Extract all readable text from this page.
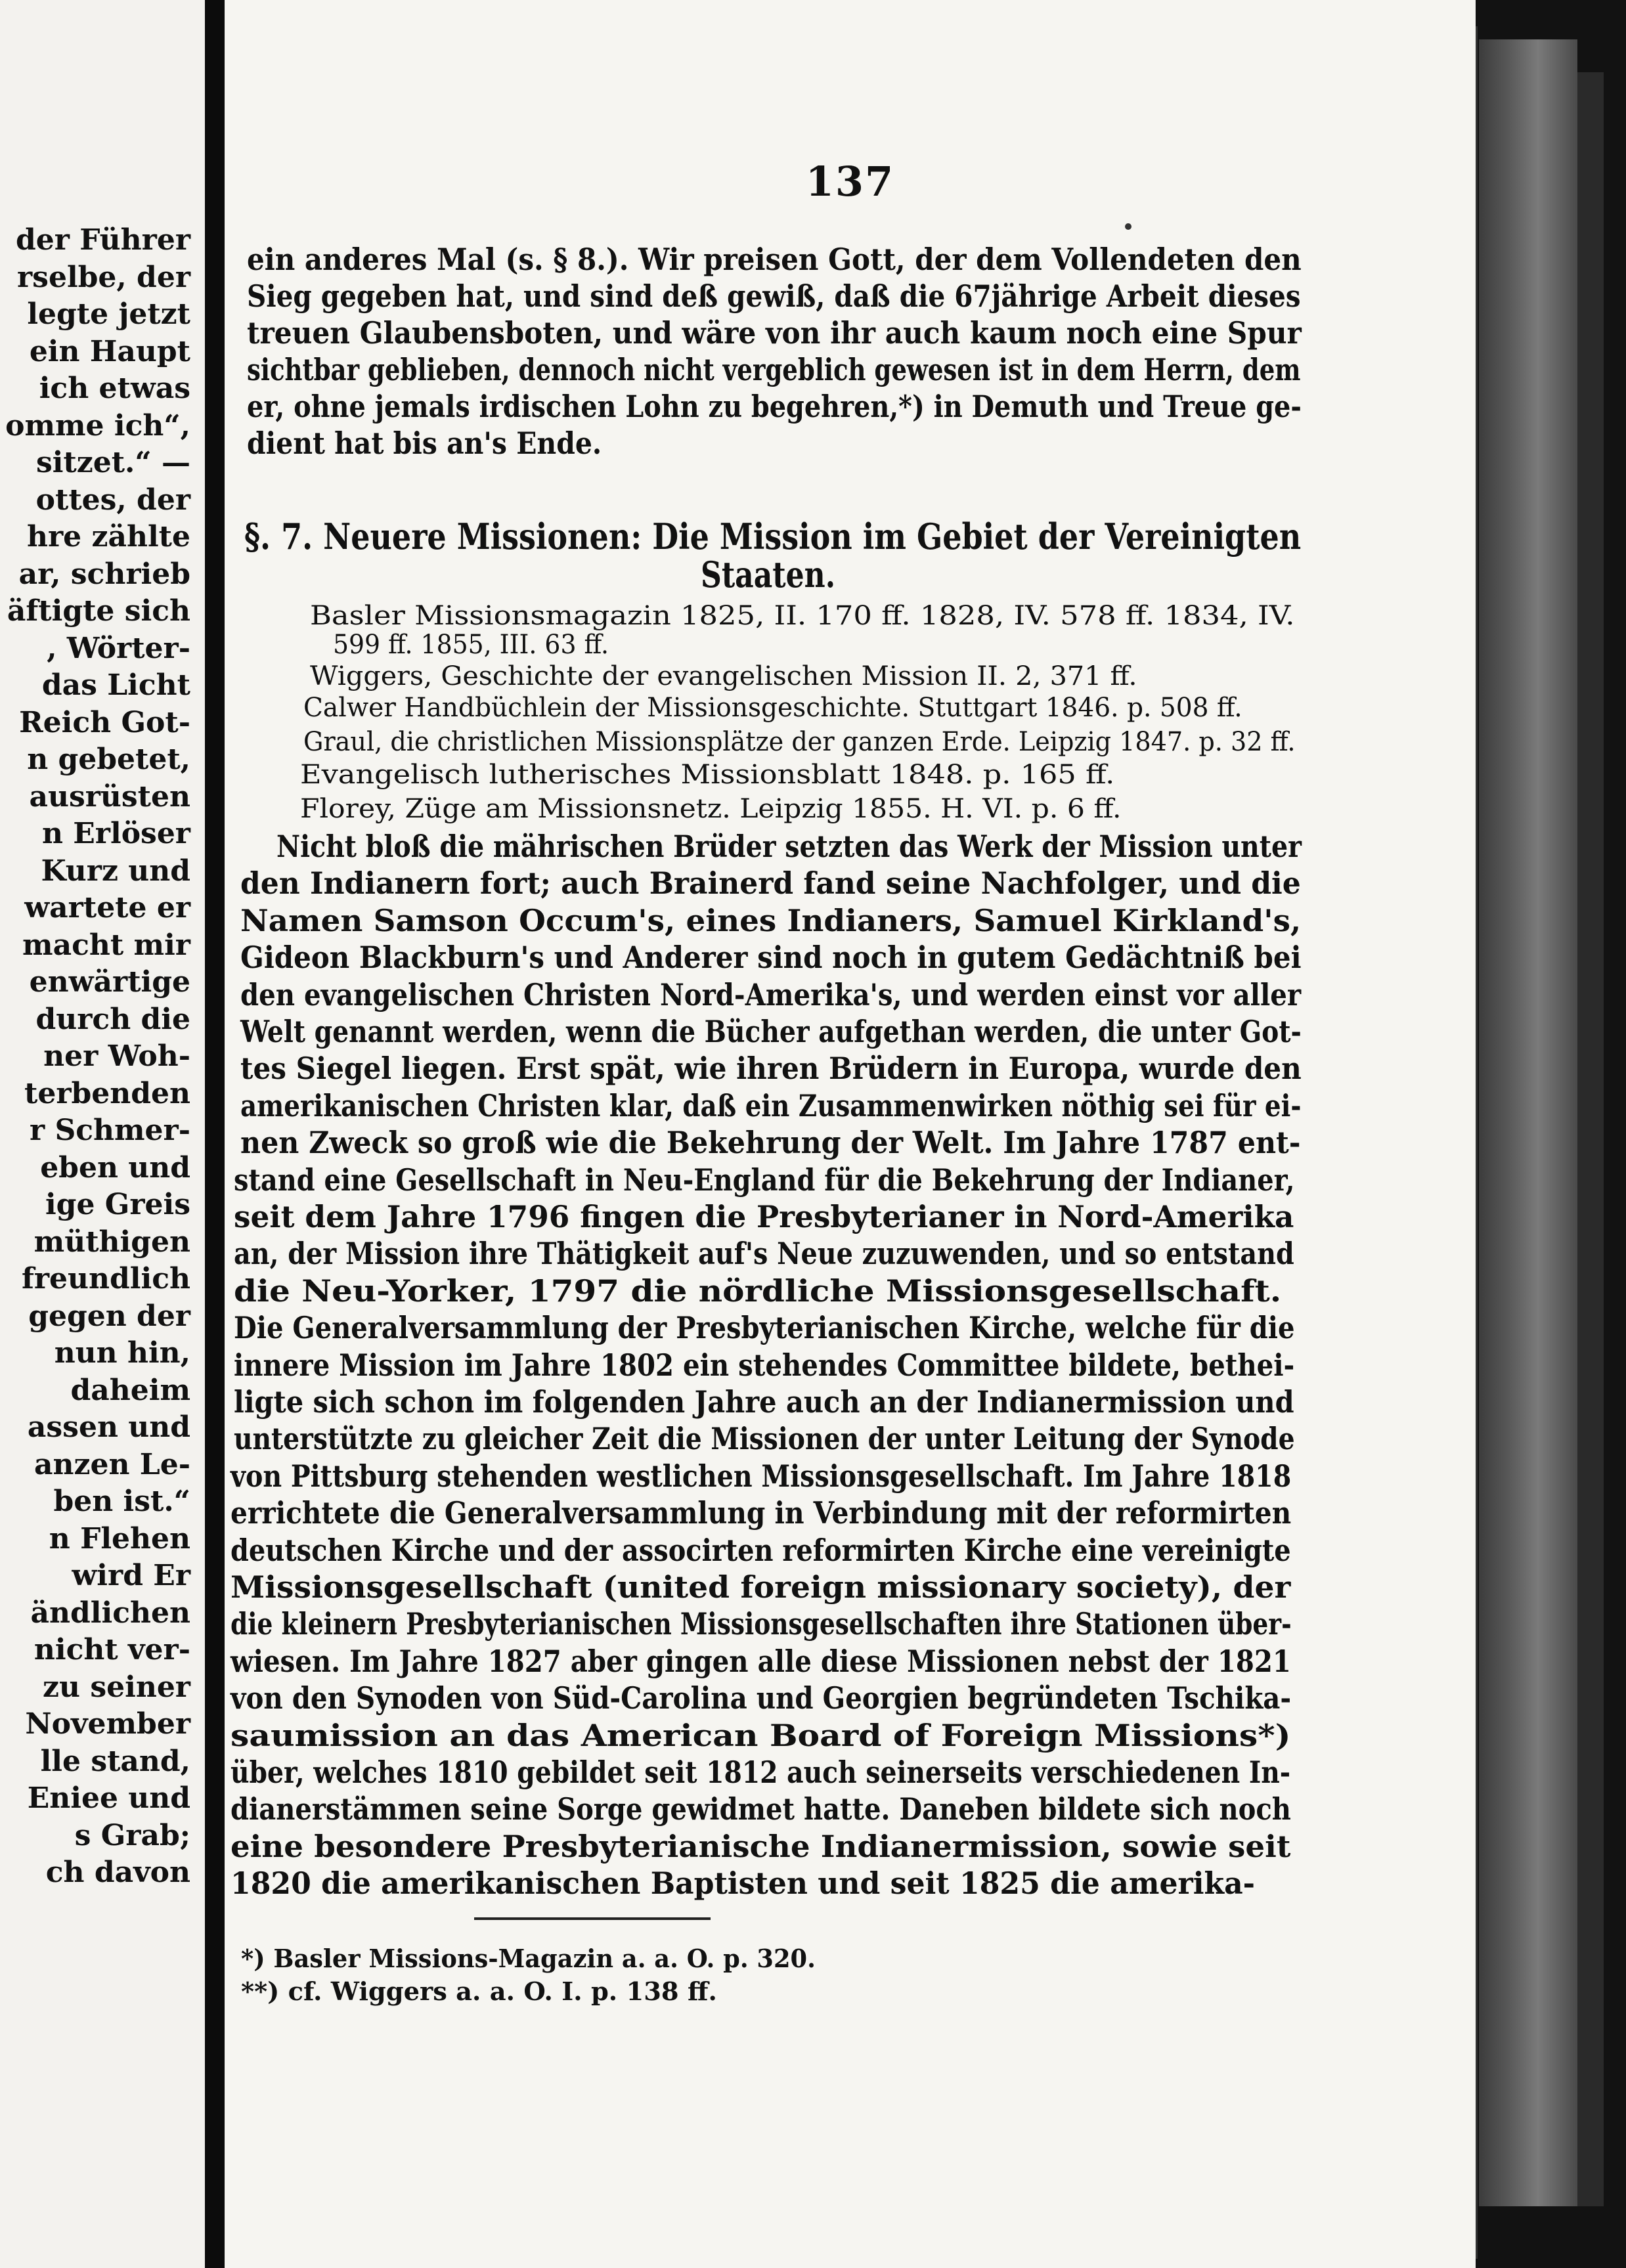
der Führer
rselbe, der
legte jetzt
ein Haupt
ich etwas
omme ich“,
sitzet.“ —
ottes, der
hre zählte
ar, schrieb
äftigte sich
, Wörter-
das Licht
Reich Got-
n gebetet,
ausrüsten
n Erlöser
Kurz und
wartete er
macht mir
enwärtige
durch die
ner Woh-
terbenden
r Schmer-
eben und
ige Greis
müthigen
freundlich
gegen der
nun hin,
daheim
assen und
anzen Le-
ben ist.“
n Flehen
wird Er
ändlichen
nicht ver-
zu seiner
November
lle stand,
Eniee und
s Grab;
ch davon
137
ein anderes Mal (s. § 8.). Wir preisen Gott, der dem Vollendeten den
Sieg gegeben hat, und sind deß gewiß, daß die 67jährige Arbeit dieses
treuen Glaubensboten, und wäre von ihr auch kaum noch eine Spur
sichtbar geblieben, dennoch nicht vergeblich gewesen ist in dem Herrn, dem
er, ohne jemals irdischen Lohn zu begehren,*) in Demuth und Treue ge-
dient hat bis an's Ende.
§. 7. Neuere Missionen: Die Mission im Gebiet der Vereinigten
Staaten.
Basler Missionsmagazin 1825, II. 170 ff. 1828, IV. 578 ff. 1834, IV.
599 ff. 1855, III. 63 ff.
Wiggers, Geschichte der evangelischen Mission II. 2, 371 ff.
Calwer Handbüchlein der Missionsgeschichte. Stuttgart 1846. p. 508 ff.
Graul, die christlichen Missionsplätze der ganzen Erde. Leipzig 1847. p. 32 ff.
Evangelisch lutherisches Missionsblatt 1848. p. 165 ff.
Florey, Züge am Missionsnetz. Leipzig 1855. H. VI. p. 6 ff.
Nicht bloß die mährischen Brüder setzten das Werk der Mission unter
den Indianern fort; auch Brainerd fand seine Nachfolger, und die
Namen Samson Occum's, eines Indianers, Samuel Kirkland's,
Gideon Blackburn's und Anderer sind noch in gutem Gedächtniß bei
den evangelischen Christen Nord-Amerika's, und werden einst vor aller
Welt genannt werden, wenn die Bücher aufgethan werden, die unter Got-
tes Siegel liegen. Erst spät, wie ihren Brüdern in Europa, wurde den
amerikanischen Christen klar, daß ein Zusammenwirken nöthig sei für ei-
nen Zweck so groß wie die Bekehrung der Welt. Im Jahre 1787 ent-
stand eine Gesellschaft in Neu-England für die Bekehrung der Indianer,
seit dem Jahre 1796 fingen die Presbyterianer in Nord-Amerika
an, der Mission ihre Thätigkeit auf's Neue zuzuwenden, und so entstand
die Neu-Yorker, 1797 die nördliche Missionsgesellschaft.
Die Generalversammlung der Presbyterianischen Kirche, welche für die
innere Mission im Jahre 1802 ein stehendes Committee bildete, bethei-
ligte sich schon im folgenden Jahre auch an der Indianermission und
unterstützte zu gleicher Zeit die Missionen der unter Leitung der Synode
von Pittsburg stehenden westlichen Missionsgesellschaft. Im Jahre 1818
errichtete die Generalversammlung in Verbindung mit der reformirten
deutschen Kirche und der associrten reformirten Kirche eine vereinigte
Missionsgesellschaft (united foreign missionary society), der
die kleinern Presbyterianischen Missionsgesellschaften ihre Stationen über-
wiesen. Im Jahre 1827 aber gingen alle diese Missionen nebst der 1821
von den Synoden von Süd-Carolina und Georgien begründeten Tschika-
saumission an das American Board of Foreign Missions*)
über, welches 1810 gebildet seit 1812 auch seinerseits verschiedenen In-
dianerstämmen seine Sorge gewidmet hatte. Daneben bildete sich noch
eine besondere Presbyterianische Indianermission, sowie seit
1820 die amerikanischen Baptisten und seit 1825 die amerika-
*) Basler Missions-Magazin a. a. O. p. 320.
**) cf. Wiggers a. a. O. I. p. 138 ff.
